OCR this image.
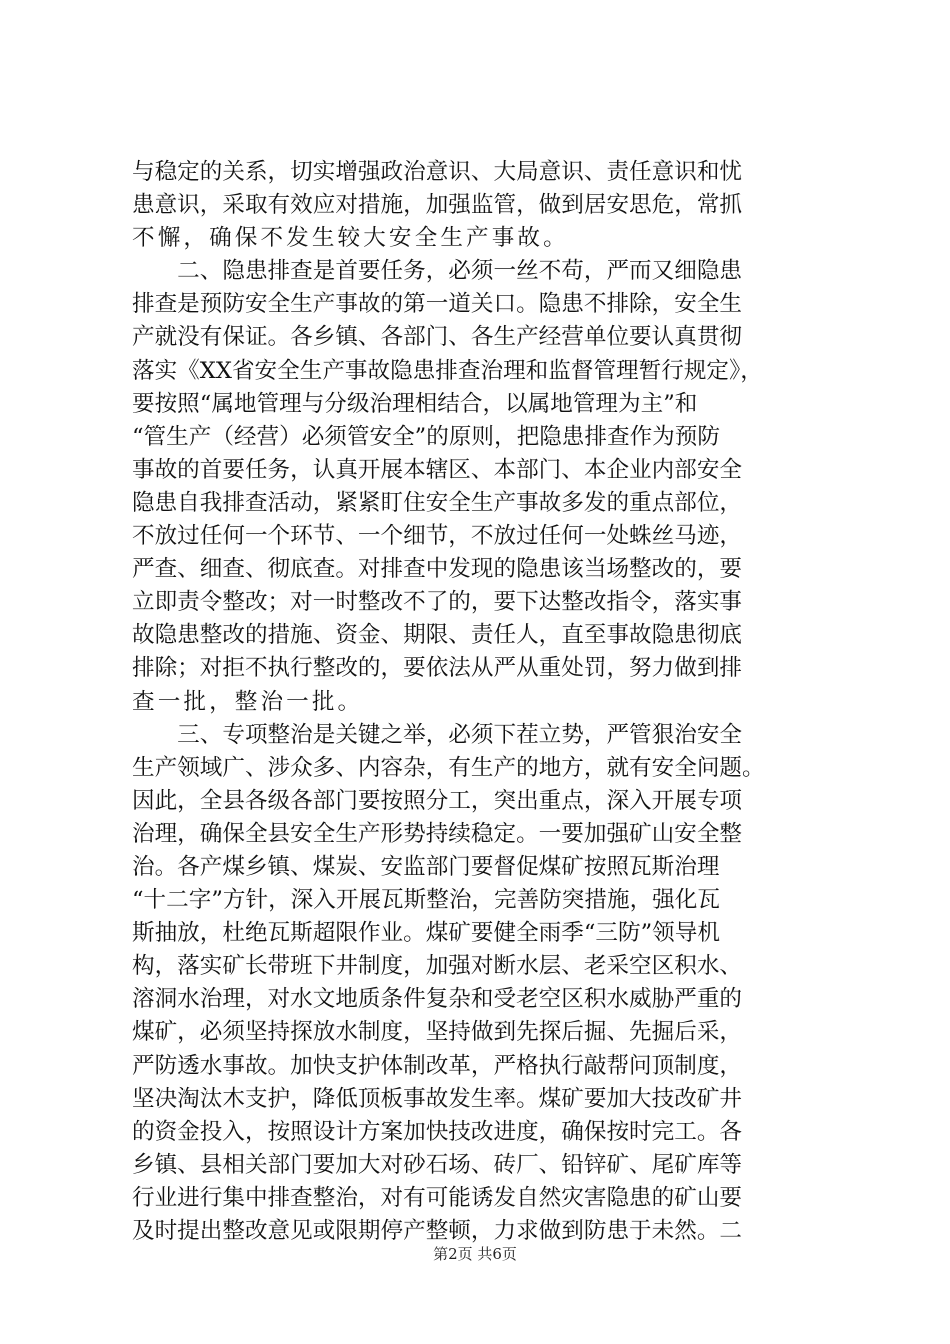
与稳定的关系，切实增强政治意识、大局意识、责任意识和忧
患意识，采取有效应对措施，加强监管，做到居安思危，常抓
不懈，确保不发生较大安全生产事故。
　　二、隐患排查是首要任务，必须一丝不苟，严而又细隐患
排查是预防安全生产事故的第一道关口。隐患不排除，安全生
产就没有保证。各乡镇、各部门、各生产经营单位要认真贯彻
落实《XX省安全生产事故隐患排查治理和监督管理暂行规定》，
要按照“属地管理与分级治理相结合，以属地管理为主”和
“管生产（经营）必须管安全”的原则，把隐患排查作为预防
事故的首要任务，认真开展本辖区、本部门、本企业内部安全
隐患自我排查活动，紧紧盯住安全生产事故多发的重点部位，
不放过任何一个环节、一个细节，不放过任何一处蛛丝马迹，
严查、细查、彻底查。对排查中发现的隐患该当场整改的，要
立即责令整改；对一时整改不了的，要下达整改指令，落实事
故隐患整改的措施、资金、期限、责任人，直至事故隐患彻底
排除；对拒不执行整改的，要依法从严从重处罚，努力做到排
查一批，整治一批。
　　三、专项整治是关键之举，必须下茬立势，严管狠治安全
生产领域广、涉众多、内容杂，有生产的地方，就有安全问题。
因此，全县各级各部门要按照分工，突出重点，深入开展专项
治理，确保全县安全生产形势持续稳定。一要加强矿山安全整
治。各产煤乡镇、煤炭、安监部门要督促煤矿按照瓦斯治理
“十二字”方针，深入开展瓦斯整治，完善防突措施，强化瓦
斯抽放，杜绝瓦斯超限作业。煤矿要健全雨季“三防”领导机
构，落实矿长带班下井制度，加强对断水层、老采空区积水、
溶洞水治理，对水文地质条件复杂和受老空区积水威胁严重的
煤矿，必须坚持探放水制度，坚持做到先探后掘、先掘后采，
严防透水事故。加快支护体制改革，严格执行敲帮问顶制度，
坚决淘汰木支护，降低顶板事故发生率。煤矿要加大技改矿井
的资金投入，按照设计方案加快技改进度，确保按时完工。各
乡镇、县相关部门要加大对砂石场、砖厂、铅锌矿、尾矿库等
行业进行集中排查整治，对有可能诱发自然灾害隐患的矿山要
及时提出整改意见或限期停产整顿，力求做到防患于未然。二
第2页 共6页
